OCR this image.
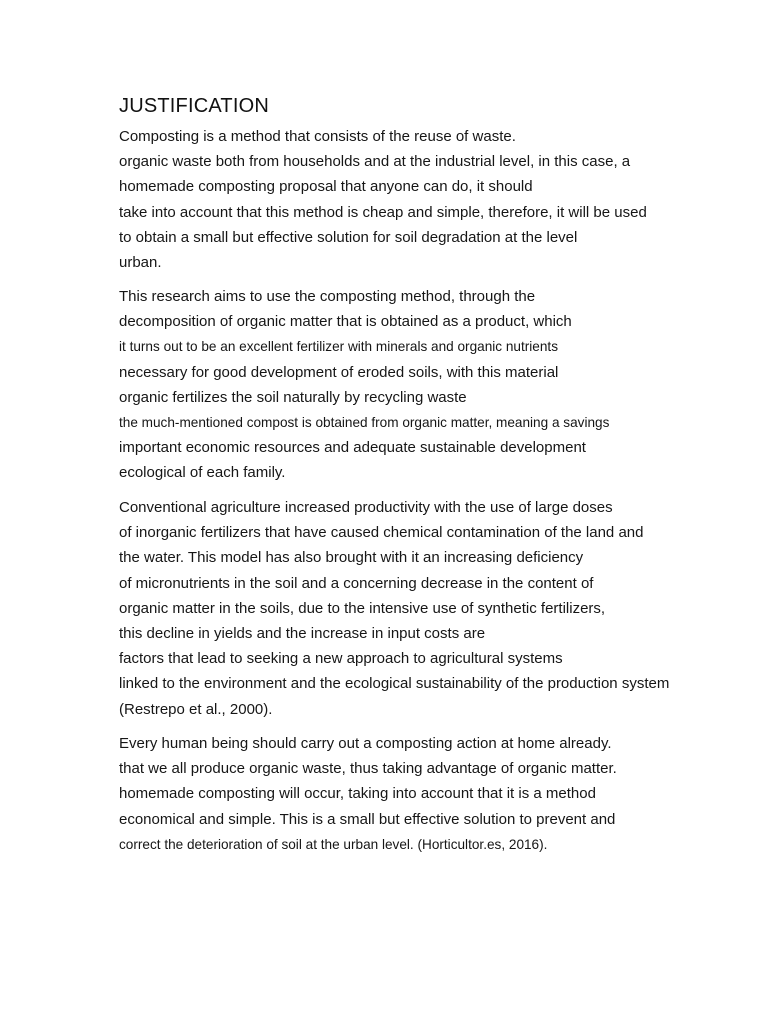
JUSTIFICATION
Composting is a method that consists of the reuse of waste.
organic waste both from households and at the industrial level, in this case, a
homemade composting proposal that anyone can do, it should
take into account that this method is cheap and simple, therefore, it will be used
to obtain a small but effective solution for soil degradation at the level
urban.
This research aims to use the composting method, through the
decomposition of organic matter that is obtained as a product, which
it turns out to be an excellent fertilizer with minerals and organic nutrients
necessary for good development of eroded soils, with this material
organic fertilizes the soil naturally by recycling waste
the much-mentioned compost is obtained from organic matter, meaning a savings
important economic resources and adequate sustainable development
ecological of each family.
Conventional agriculture increased productivity with the use of large doses
of inorganic fertilizers that have caused chemical contamination of the land and
the water. This model has also brought with it an increasing deficiency
of micronutrients in the soil and a concerning decrease in the content of
organic matter in the soils, due to the intensive use of synthetic fertilizers,
this decline in yields and the increase in input costs are
factors that lead to seeking a new approach to agricultural systems
linked to the environment and the ecological sustainability of the production system
(Restrepo et al., 2000).
Every human being should carry out a composting action at home already.
that we all produce organic waste, thus taking advantage of organic matter.
homemade composting will occur, taking into account that it is a method
economical and simple. This is a small but effective solution to prevent and
correct the deterioration of soil at the urban level. (Horticultor.es, 2016).
